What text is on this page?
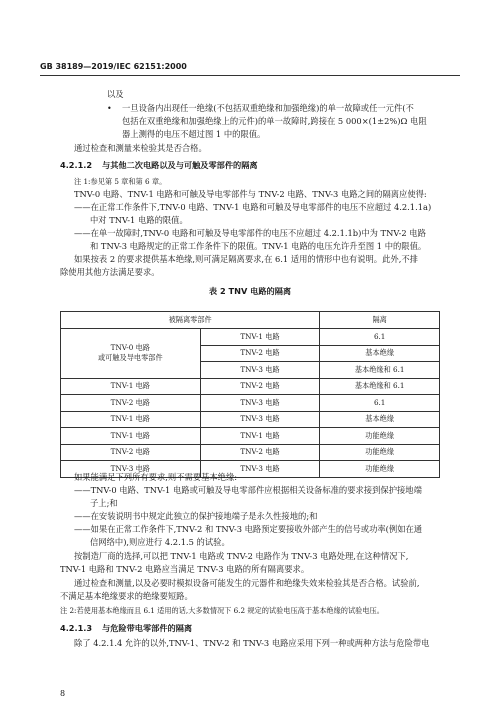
GB 38189—2019/IEC 62151:2000
以及
• 一旦设备内出现任一绝缘(不包括双重绝缘和加强绝缘)的单一故障或任一元件(不
包括在双重绝缘和加强绝缘上的元件)的单一故障时,跨接在 5 000×(1±2%)Ω 电阻
器上测得的电压不超过图 1 中的限值。
通过检查和测量来检验其是否合格。
4.2.1.2 与其他二次电路以及与可触及零部件的隔离
注 1:参见第 5 章和第 6 章。
TNV-0 电路、TNV-1 电路和可触及导电零部件与 TNV-2 电路、TNV-3 电路之间的隔离应使得:
——在正常工作条件下,TNV-0 电路、TNV-1 电路和可触及导电零部件的电压不应超过 4.2.1.1a)
中对 TNV-1 电路的限值。
——在单一故障时,TNV-0 电路和可触及导电零部件的电压不应超过 4.2.1.1b)中为 TNV-2 电路
和 TNV-3 电路规定的正常工作条件下的限值。TNV-1 电路的电压允许升至图 1 中的限值。
如果按表 2 的要求提供基本绝缘,则可满足隔离要求,在 6.1 适用的情形中也有说明。此外,不排
除使用其他方法满足要求。
表 2 TNV 电路的隔离
被隔离零部件		隔离

TNV-0 电路
或可触及导电零部件	TNV-1 电路	6.1
	TNV-2 电路	基本绝缘
	TNV-3 电路	基本绝缘和 6.1
TNV-1 电路	TNV-2 电路	基本绝缘和 6.1
TNV-2 电路	TNV-3 电路	6.1
TNV-1 电路	TNV-3 电路	基本绝缘
TNV-1 电路	TNV-1 电路	功能绝缘
TNV-2 电路	TNV-2 电路	功能绝缘
TNV-3 电路	TNV-3 电路	功能绝缘
如果能满足下列所有要求,则不需要基本绝缘:
——TNV-0 电路、TNV-1 电路或可触及导电零部件应根据相关设备标准的要求接到保护接地端
子上;和
——在安装说明书中规定此独立的保护接地端子是永久性接地的;和
——如果在正常工作条件下,TNV-2 和 TNV-3 电路预定要接收外部产生的信号或功率(例如在通
信网络中),则应进行 4.2.1.5 的试验。
按制造厂商的选择,可以把 TNV-1 电路或 TNV-2 电路作为 TNV-3 电路处理,在这种情况下,
TNV-1 电路和 TNV-2 电路应当满足 TNV-3 电路的所有隔离要求。
通过检查和测量,以及必要时模拟设备可能发生的元器件和绝缘失效来检验其是否合格。试验前,
不满足基本绝缘要求的绝缘要短路。
注 2:若使用基本绝缘而且 6.1 适用的话,大多数情况下 6.2 规定的试验电压高于基本绝缘的试验电压。
4.2.1.3 与危险带电零部件的隔离
除了 4.2.1.4 允许的以外,TNV-1、TNV-2 和 TNV-3 电路应采用下列一种或两种方法与危险带电
8
